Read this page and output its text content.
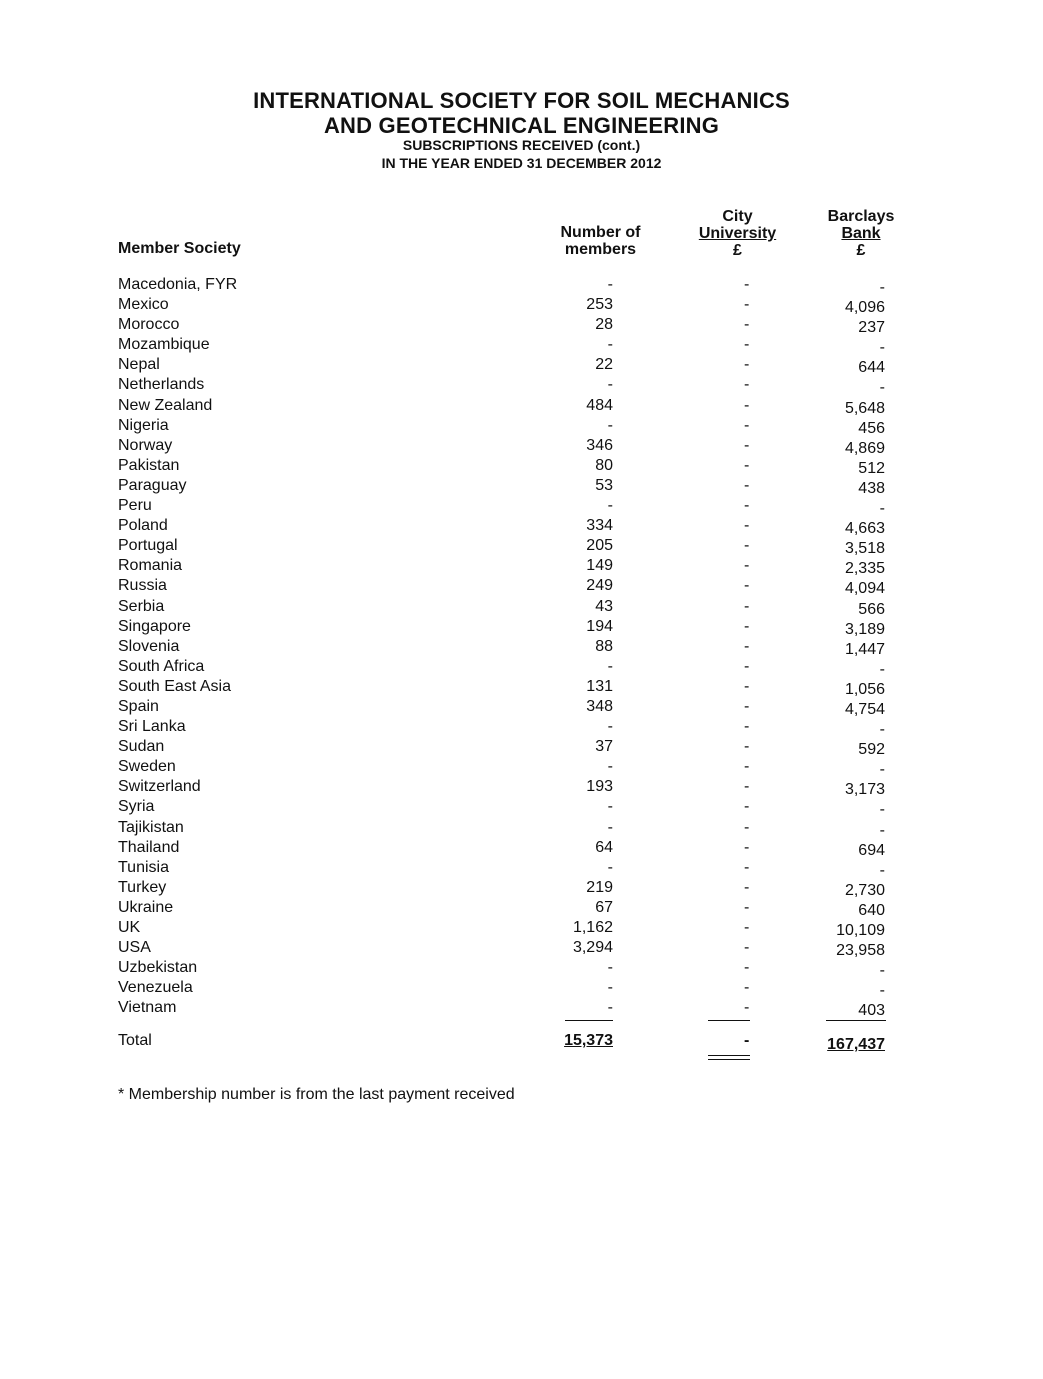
INTERNATIONAL SOCIETY FOR SOIL MECHANICS
AND GEOTECHNICAL ENGINEERING
SUBSCRIPTIONS RECEIVED (cont.)
IN THE YEAR ENDED 31 DECEMBER 2012
Member Society
Number of
members
City
University
£
Barclays
Bank
£
Macedonia, FYR	-	-	-
Mexico	253	-	4,096
Morocco	28	-	237
Mozambique	-	-	-
Nepal	22	-	644
Netherlands	-	-	-
New Zealand	484	-	5,648
Nigeria	-	-	456
Norway	346	-	4,869
Pakistan	80	-	512
Paraguay	53	-	438
Peru	-	-	-
Poland	334	-	4,663
Portugal	205	-	3,518
Romania	149	-	2,335
Russia	249	-	4,094
Serbia	43	-	566
Singapore	194	-	3,189
Slovenia	88	-	1,447
South Africa	-	-	-
South East Asia	131	-	1,056
Spain	348	-	4,754
Sri Lanka	-	-	-
Sudan	37	-	592
Sweden	-	-	-
Switzerland	193	-	3,173
Syria	-	-	-
Tajikistan	-	-	-
Thailand	64	-	694
Tunisia	-	-	-
Turkey	219	-	2,730
Ukraine	67	-	640
UK	1,162	-	10,109
USA	3,294	-	23,958
Uzbekistan	-	-	-
Venezuela	-	-	-
Vietnam	-	-	403
Total	15,373	-	167,437
* Membership number is from the last payment received
